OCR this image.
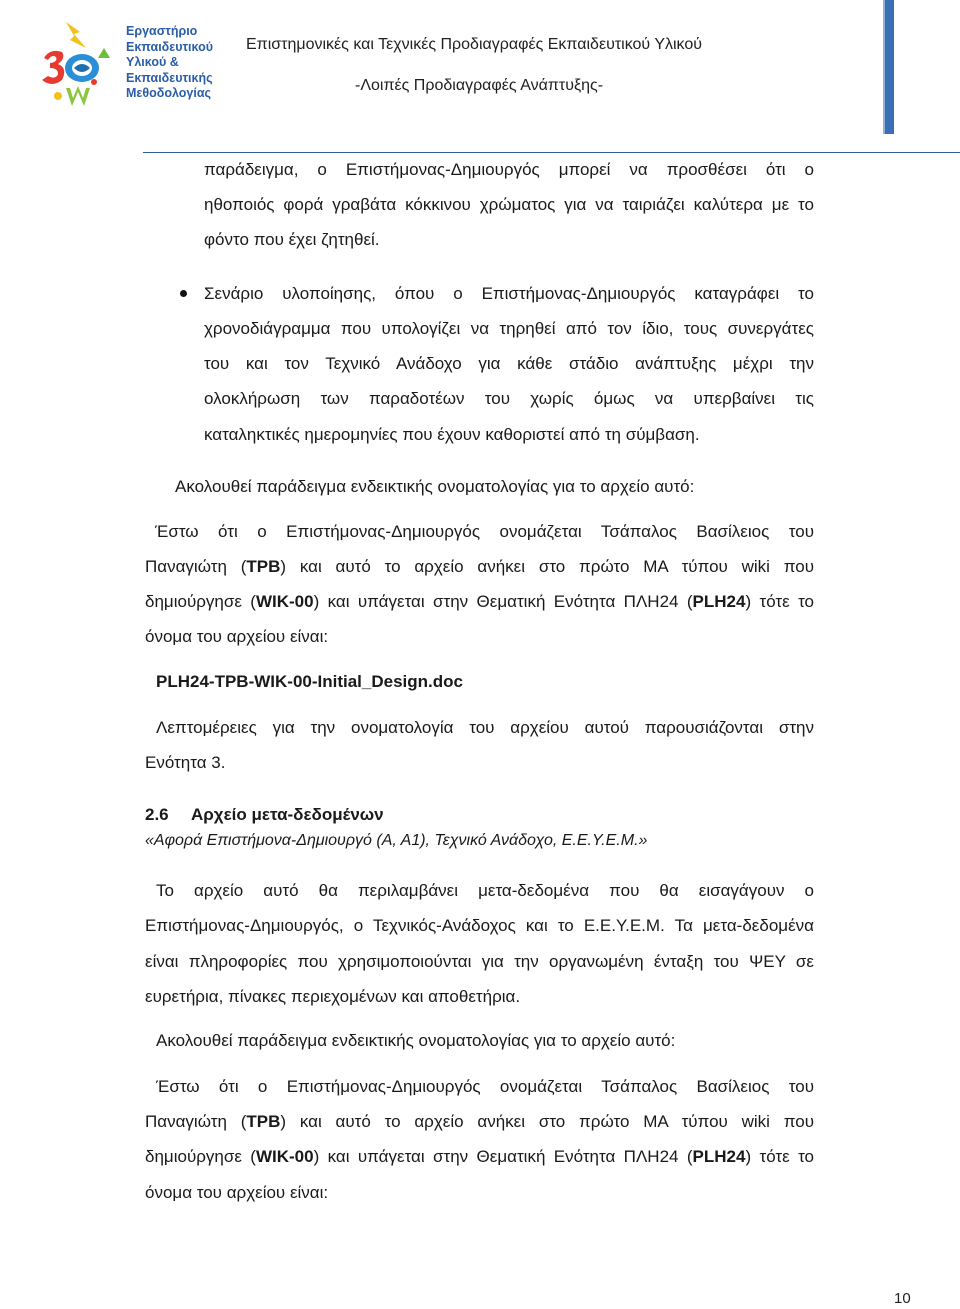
Εργαστήριο
Εκπαιδευτικού
Υλικού &
Εκπαιδευτικής
Μεθοδολογίας
Επιστημονικές και Τεχνικές Προδιαγραφές Εκπαιδευτικού Υλικού
-Λοιπές Προδιαγραφές Ανάπτυξης-
παράδειγμα, ο Επιστήμονας-Δημιουργός μπορεί να προσθέσει ότι ο
ηθοποιός φορά γραβάτα κόκκινου χρώματος για να ταιριάζει καλύτερα με το
φόντο που έχει ζητηθεί.
Σενάριο υλοποίησης, όπου ο Επιστήμονας-Δημιουργός καταγράφει το
χρονοδιάγραμμα που υπολογίζει να τηρηθεί από τον ίδιο, τους συνεργάτες
του και τον Τεχνικό Ανάδοχο για κάθε στάδιο ανάπτυξης μέχρι την
ολοκλήρωση των παραδοτέων του χωρίς όμως να υπερβαίνει τις
καταληκτικές ημερομηνίες που έχουν καθοριστεί από τη σύμβαση.
Ακολουθεί παράδειγμα ενδεικτικής ονοματολογίας για το αρχείο αυτό:
Έστω ότι ο Επιστήμονας-Δημιουργός ονομάζεται Τσάπαλος Βασίλειος του
Παναγιώτη (TPB) και αυτό το αρχείο ανήκει στο πρώτο ΜΑ τύπου wiki που
δημιούργησε (WIK-00) και υπάγεται στην Θεματική Ενότητα ΠΛΗ24 (PLH24) τότε το
όνομα του αρχείου είναι:
PLH24-TPB-WIK-00-Initial_Design.doc
Λεπτομέρειες για την ονοματολογία του αρχείου αυτού παρουσιάζονται στην
Ενότητα 3.
2.6 Αρχείο μετα-δεδομένων
«Αφορά Επιστήμονα-Δημιουργό (Α, Α1), Τεχνικό Ανάδοχο, Ε.Ε.Υ.Ε.Μ.»
Το αρχείο αυτό θα περιλαμβάνει μετα-δεδομένα που θα εισαγάγουν ο
Επιστήμονας-Δημιουργός, ο Τεχνικός-Ανάδοχος και το Ε.Ε.Υ.Ε.Μ. Τα μετα-δεδομένα
είναι πληροφορίες που χρησιμοποιούνται για την οργανωμένη ένταξη του ΨΕΥ σε
ευρετήρια, πίνακες περιεχομένων και αποθετήρια.
Ακολουθεί παράδειγμα ενδεικτικής ονοματολογίας για το αρχείο αυτό:
Έστω ότι ο Επιστήμονας-Δημιουργός ονομάζεται Τσάπαλος Βασίλειος του
Παναγιώτη (TPB) και αυτό το αρχείο ανήκει στο πρώτο ΜΑ τύπου wiki που
δημιούργησε (WIK-00) και υπάγεται στην Θεματική Ενότητα ΠΛΗ24 (PLH24) τότε το
όνομα του αρχείου είναι:
10
